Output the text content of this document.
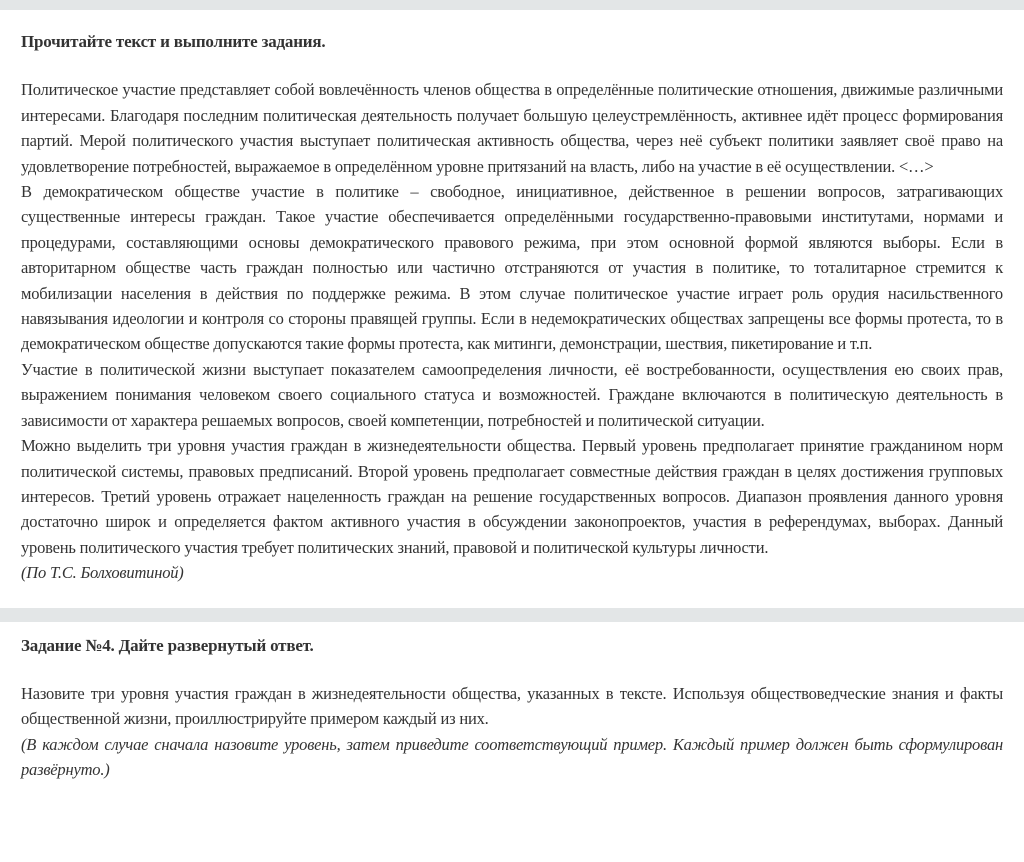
Прочитайте текст и выполните задания.

Политическое участие представляет собой вовлечённость членов общества в определённые политические отношения, движимые различными интересами. Благодаря последним политическая деятельность получает большую целеустремлённость, активнее идёт процесс формирования партий. Мерой политического участия выступает политическая активность общества, через неё субъект политики заявляет своё право на удовлетворение потребностей, выражаемое в определённом уровне притязаний на власть, либо на участие в её осуществлении. <…>

В демократическом обществе участие в политике – свободное, инициативное, действенное в решении вопросов, затрагивающих существенные интересы граждан. Такое участие обеспечивается определёнными государственно-правовыми институтами, нормами и процедурами, составляющими основы демократического правового режима, при этом основной формой являются выборы. Если в авторитарном обществе часть граждан полностью или частично отстраняются от участия в политике, то тоталитарное стремится к мобилизации населения в действия по поддержке режима. В этом случае политическое участие играет роль орудия насильственного навязывания идеологии и контроля со стороны правящей группы. Если в недемократических обществах запрещены все формы протеста, то в демократическом обществе допускаются такие формы протеста, как митинги, демонстрации, шествия, пикетирование и т.п.

Участие в политической жизни выступает показателем самоопределения личности, её востребованности, осуществления ею своих прав, выражением понимания человеком своего социального статуса и возможностей. Граждане включаются в политическую деятельность в зависимости от характера решаемых вопросов, своей компетенции, потребностей и политической ситуации.

Можно выделить три уровня участия граждан в жизнедеятельности общества. Первый уровень предполагает принятие гражданином норм политической системы, правовых предписаний. Второй уровень предполагает совместные действия граждан в целях достижения групповых интересов. Третий уровень отражает нацеленность граждан на решение государственных вопросов. Диапазон проявления данного уровня достаточно широк и определяется фактом активного участия в обсуждении законопроектов, участия в референдумах, выборах. Данный уровень политического участия требует политических знаний, правовой и политической культуры личности.

(По Т.С. Болховитиной)

Задание №4. Дайте развернутый ответ.

Назовите три уровня участия граждан в жизнедеятельности общества, указанных в тексте. Используя обществоведческие знания и факты общественной жизни, проиллюстрируйте примером каждый из них.

(В каждом случае сначала назовите уровень, затем приведите соответствующий пример. Каждый пример должен быть сформулирован развёрнуто.)
